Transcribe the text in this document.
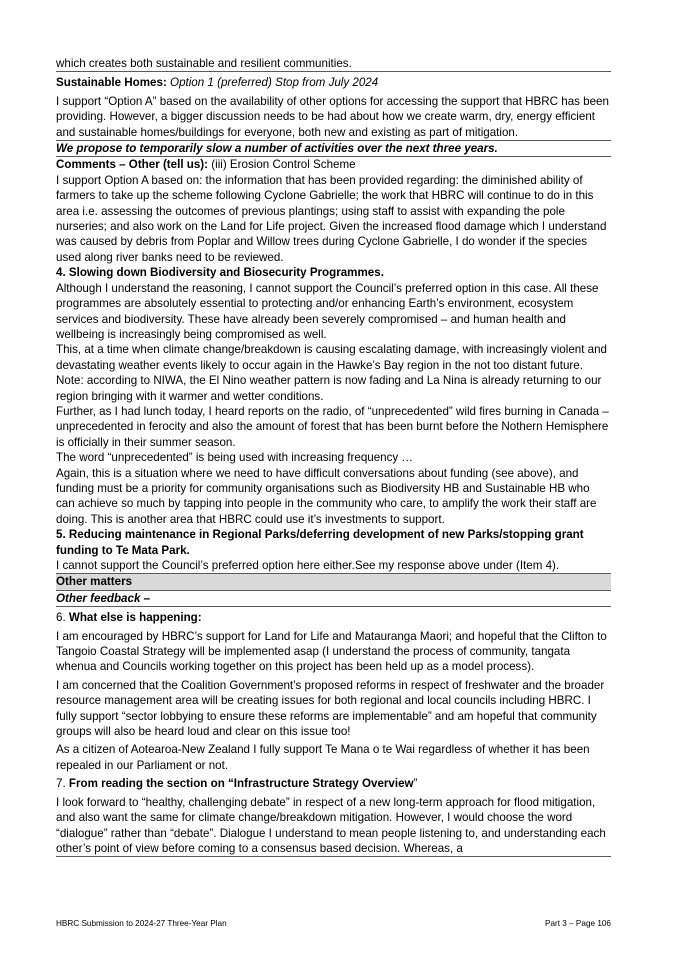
which creates both sustainable and resilient communities.

Sustainable Homes: Option 1 (preferred) Stop from July 2024

I support “Option A” based on the availability of other options for accessing the support that HBRC has been providing. However, a bigger discussion needs to be had about how we create warm, dry, energy efficient and sustainable homes/buildings for everyone, both new and existing as part of mitigation.

We propose to temporarily slow a number of activities over the next three years.

Comments – Other (tell us): (iii) Erosion Control Scheme

I support Option A based on: the information that has been provided regarding: the diminished ability of farmers to take up the scheme following Cyclone Gabrielle; the work that HBRC will continue to do in this area i.e. assessing the outcomes of previous plantings; using staff to assist with expanding the pole nurseries; and also work on the Land for Life project. Given the increased flood damage which I understand was caused by debris from Poplar and Willow trees during Cyclone Gabrielle, I do wonder if the species used along river banks need to be reviewed.

4. Slowing down Biodiversity and Biosecurity Programmes.

Although I understand the reasoning, I cannot support the Council’s preferred option in this case. All these programmes are absolutely essential to protecting and/or enhancing Earth’s environment, ecosystem services and biodiversity. These have already been severely compromised – and human health and wellbeing is increasingly being compromised as well.

This, at a time when climate change/breakdown is causing escalating damage, with increasingly violent and devastating weather events likely to occur again in the Hawke’s Bay region in the not too distant future.

Note: according to NIWA, the El Nino weather pattern is now fading and La Nina is already returning to our region bringing with it warmer and wetter conditions.

Further, as I had lunch today, I heard reports on the radio, of “unprecedented” wild fires burning in Canada – unprecedented in ferocity and also the amount of forest that has been burnt before the Nothern Hemisphere is officially in their summer season.

The word “unprecedented” is being used with increasing frequency …

Again, this is a situation where we need to have difficult conversations about funding (see above), and funding must be a priority for community organisations such as Biodiversity HB and Sustainable HB who can achieve so much by tapping into people in the community who care, to amplify the work their staff are doing. This is another area that HBRC could use it’s investments to support.

5. Reducing maintenance in Regional Parks/deferring development of new Parks/stopping grant funding to Te Mata Park.

I cannot support the Council’s preferred option here either.See my response above under (Item 4).

Other matters

Other feedback –

6. What else is happening:

I am encouraged by HBRC’s support for Land for Life and Matauranga Maori; and hopeful that the Clifton to Tangoio Coastal Strategy will be implemented asap (I understand the process of community, tangata whenua and Councils working together on this project has been held up as a model process).

I am concerned that the Coalition Government’s proposed reforms in respect of freshwater and the broader resource management area will be creating issues for both regional and local councils including HBRC. I fully support “sector lobbying to ensure these reforms are implementable” and am hopeful that community groups will also be heard loud and clear on this issue too!

As a citizen of Aotearoa-New Zealand I fully support Te Mana o te Wai regardless of whether it has been repealed in our Parliament or not.

7. From reading the section on “Infrastructure Strategy Overview”

I look forward to “healthy, challenging debate” in respect of a new long-term approach for flood mitigation, and also want the same for climate change/breakdown mitigation. However, I would choose the word “dialogue” rather than “debate”. Dialogue I understand to mean people listening to, and understanding each other’s point of view before coming to a consensus based decision. Whereas, a

HBRC Submission to 2024-27 Three-Year Plan	Part 3 – Page 106
